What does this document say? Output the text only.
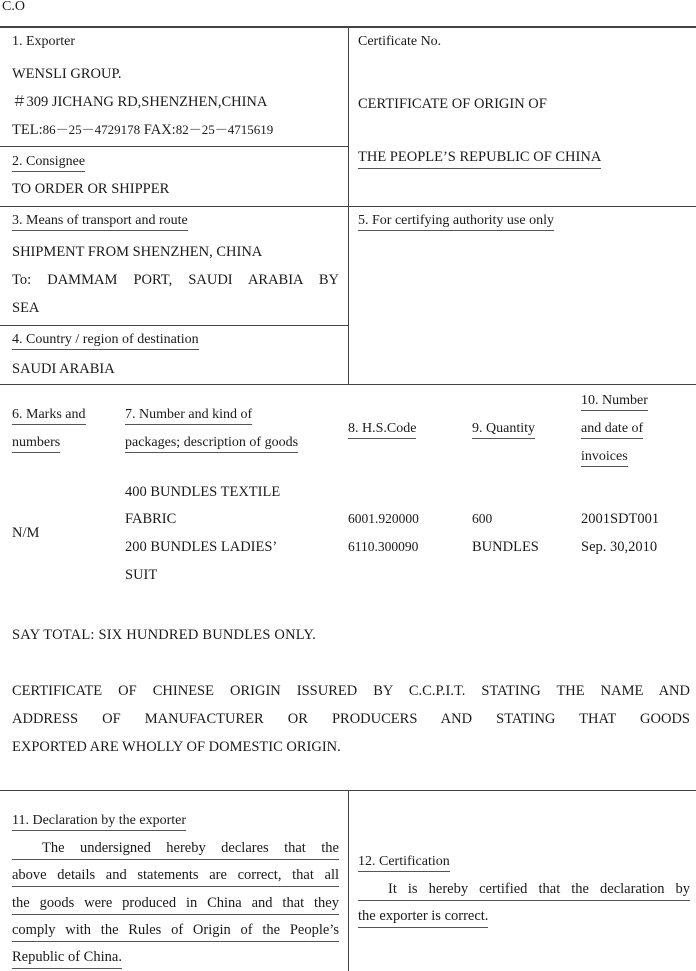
C.O
1. Exporter
WENSLI GROUP.
＃309 JICHANG RD,SHENZHEN,CHINA
TEL:86－25－4729178 FAX:82－25－4715619
Certificate No.
CERTIFICATE OF ORIGIN OF
THE PEOPLE’S REPUBLIC OF CHINA
2. Consignee
TO ORDER OR SHIPPER
3. Means of transport and route
SHIPMENT FROM SHENZHEN, CHINA
To: DAMMAM PORT, SAUDI ARABIA BY
SEA
5. For certifying authority use only
4. Country / region of destination
SAUDI ARABIA
6. Marks and
numbers
7. Number and kind of
packages; description of goods
8. H.S.Code	9. Quantity
10. Number
and date of
invoices
N/M
400 BUNDLES TEXTILE
FABRIC
200 BUNDLES LADIES’
SUIT
6001.920000
6110.300090
600
BUNDLES
2001SDT001
Sep. 30,2010
SAY TOTAL: SIX HUNDRED BUNDLES ONLY.
CERTIFICATE OF CHINESE ORIGIN ISSURED BY C.C.P.I.T. STATING THE NAME AND
ADDRESS OF MANUFACTURER OR PRODUCERS AND STATING THAT GOODS
EXPORTED ARE WHOLLY OF DOMESTIC ORIGIN.
11. Declaration by the exporter
The undersigned hereby declares that the
above details and statements are correct, that all
the goods were produced in China and that they
comply with the Rules of Origin of the People’s
Republic of China.
12. Certification
It is hereby certified that the declaration by
the exporter is correct.
